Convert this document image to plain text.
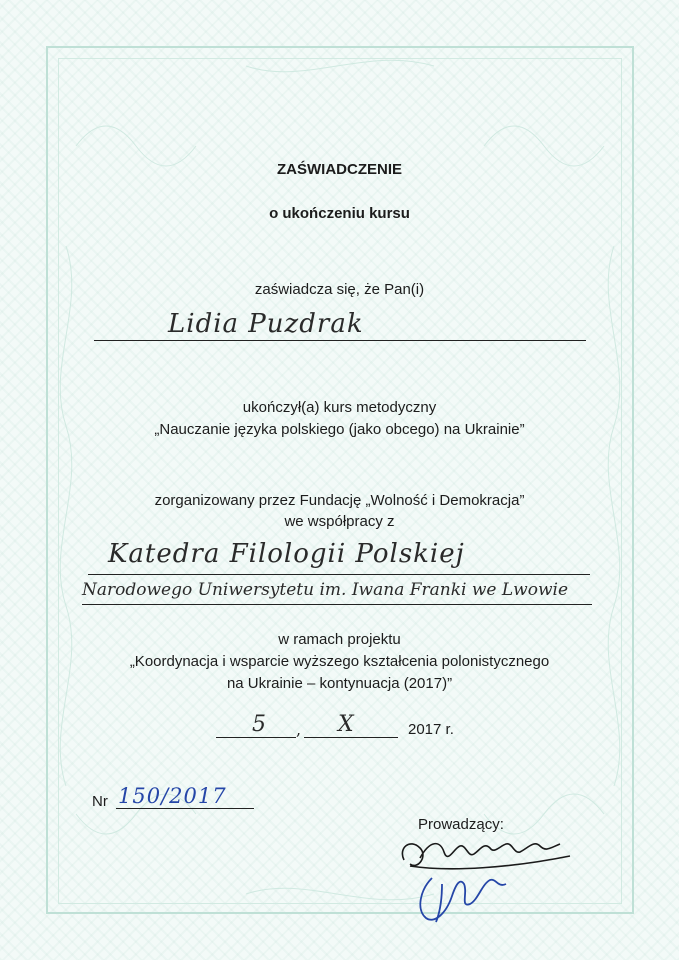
ZAŚWIADCZENIE
o ukończeniu kursu
zaświadcza się, że Pan(i)
Lidia Puzdrak
ukończył(a) kurs metodyczny
„Nauczanie języka polskiego (jako obcego) na Ukrainie”
zorganizowany przez Fundację „Wolność i Demokracja”
we współpracy z
Katedra Filologii Polskiej
Narodowego Uniwersytetu im. Iwana Franki we Lwowie
w ramach projektu
„Koordynacja i wsparcie wyższego kształcenia polonistycznego
na Ukrainie – kontynuacja (2017)”
5 , X	2017 r.
Nr 150/2017
Prowadzący:
